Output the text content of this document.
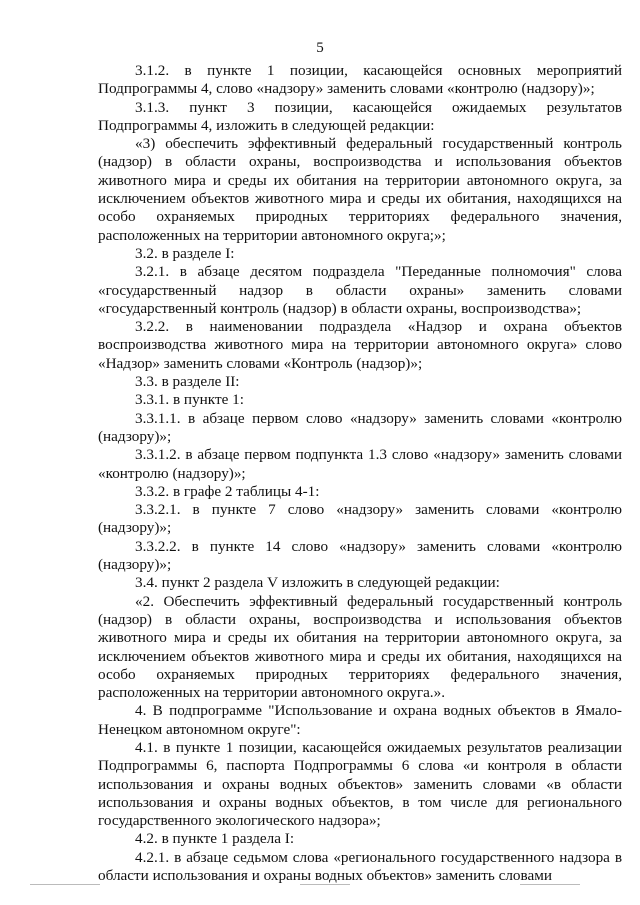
5

3.1.2. в пункте 1 позиции, касающейся основных мероприятий Подпрограммы 4, слово «надзору» заменить словами «контролю (надзору)»;

3.1.3. пункт 3 позиции, касающейся ожидаемых результатов Подпрограммы 4, изложить в следующей редакции:

«3) обеспечить эффективный федеральный государственный контроль (надзор) в области охраны, воспроизводства и использования объектов животного мира и среды их обитания на территории автономного округа, за исключением объектов животного мира и среды их обитания, находящихся на особо охраняемых природных территориях федерального значения, расположенных на территории автономного округа;»;

3.2. в разделе I:

3.2.1. в абзаце десятом подраздела "Переданные полномочия" слова «государственный надзор в области охраны» заменить словами «государственный контроль (надзор) в области охраны, воспроизводства»;

3.2.2. в наименовании подраздела «Надзор и охрана объектов воспроизводства животного мира на территории автономного округа» слово «Надзор» заменить словами «Контроль (надзор)»;

3.3. в разделе II:

3.3.1. в пункте 1:

3.3.1.1. в абзаце первом слово «надзору» заменить словами «контролю (надзору)»;

3.3.1.2. в абзаце первом подпункта 1.3 слово «надзору» заменить словами «контролю (надзору)»;

3.3.2. в графе 2 таблицы 4-1:

3.3.2.1. в пункте 7 слово «надзору» заменить словами «контролю (надзору)»;

3.3.2.2. в пункте 14 слово «надзору» заменить словами «контролю (надзору)»;

3.4. пункт 2 раздела V изложить в следующей редакции:

«2. Обеспечить эффективный федеральный государственный контроль (надзор) в области охраны, воспроизводства и использования объектов животного мира и среды их обитания на территории автономного округа, за исключением объектов животного мира и среды их обитания, находящихся на особо охраняемых природных территориях федерального значения, расположенных на территории автономного округа.».

4. В подпрограмме "Использование и охрана водных объектов в Ямало-Ненецком автономном округе":

4.1. в пункте 1 позиции, касающейся ожидаемых результатов реализации Подпрограммы 6, паспорта Подпрограммы 6 слова «и контроля в области использования и охраны водных объектов» заменить словами «в области использования и охраны водных объектов, в том числе для регионального государственного экологического надзора»;

4.2. в пункте 1 раздела I:

4.2.1. в абзаце седьмом слова «регионального государственного надзора в области использования и охраны водных объектов» заменить словами
